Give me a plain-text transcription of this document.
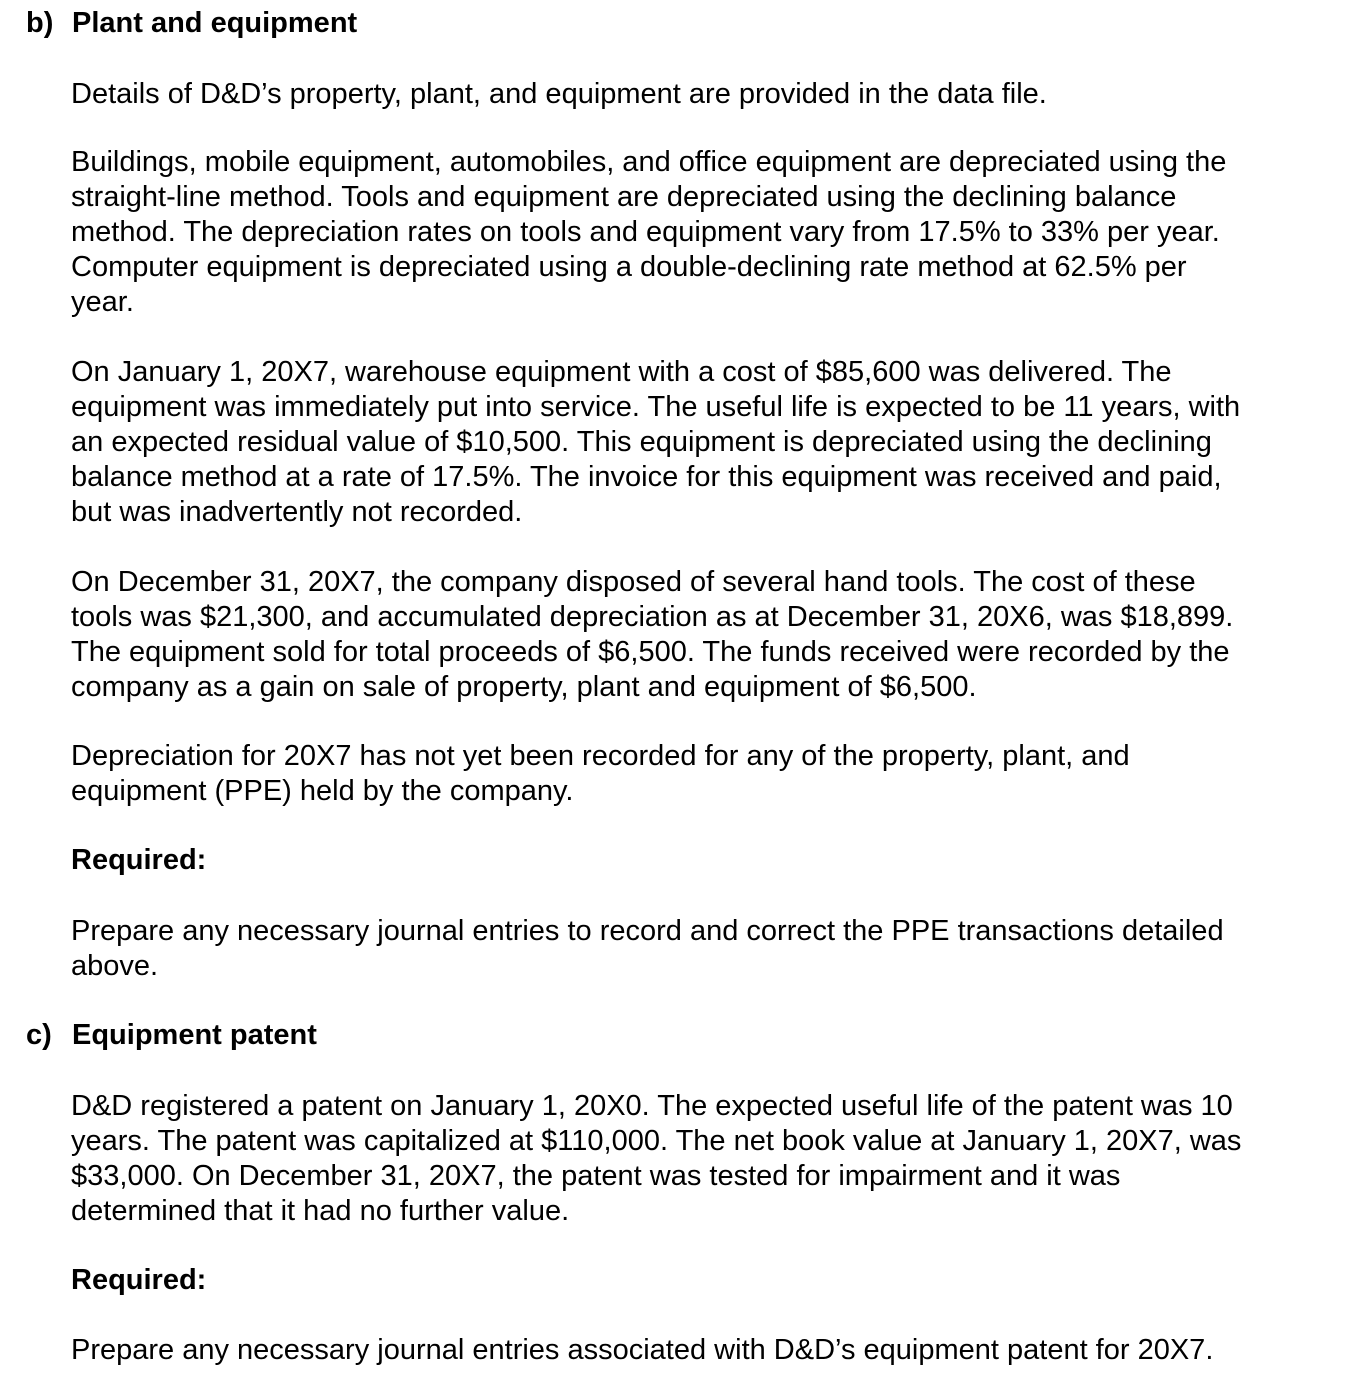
b) Plant and equipment
Details of D&D’s property, plant, and equipment are provided in the data file.
Buildings, mobile equipment, automobiles, and office equipment are depreciated using the
straight-line method. Tools and equipment are depreciated using the declining balance
method. The depreciation rates on tools and equipment vary from 17.5% to 33% per year.
Computer equipment is depreciated using a double-declining rate method at 62.5% per
year.
On January 1, 20X7, warehouse equipment with a cost of $85,600 was delivered. The
equipment was immediately put into service. The useful life is expected to be 11 years, with
an expected residual value of $10,500. This equipment is depreciated using the declining
balance method at a rate of 17.5%. The invoice for this equipment was received and paid,
but was inadvertently not recorded.
On December 31, 20X7, the company disposed of several hand tools. The cost of these
tools was $21,300, and accumulated depreciation as at December 31, 20X6, was $18,899.
The equipment sold for total proceeds of $6,500. The funds received were recorded by the
company as a gain on sale of property, plant and equipment of $6,500.
Depreciation for 20X7 has not yet been recorded for any of the property, plant, and
equipment (PPE) held by the company.
Required:
Prepare any necessary journal entries to record and correct the PPE transactions detailed
above.
c) Equipment patent
D&D registered a patent on January 1, 20X0. The expected useful life of the patent was 10
years. The patent was capitalized at $110,000. The net book value at January 1, 20X7, was
$33,000. On December 31, 20X7, the patent was tested for impairment and it was
determined that it had no further value.
Required:
Prepare any necessary journal entries associated with D&D’s equipment patent for 20X7.
